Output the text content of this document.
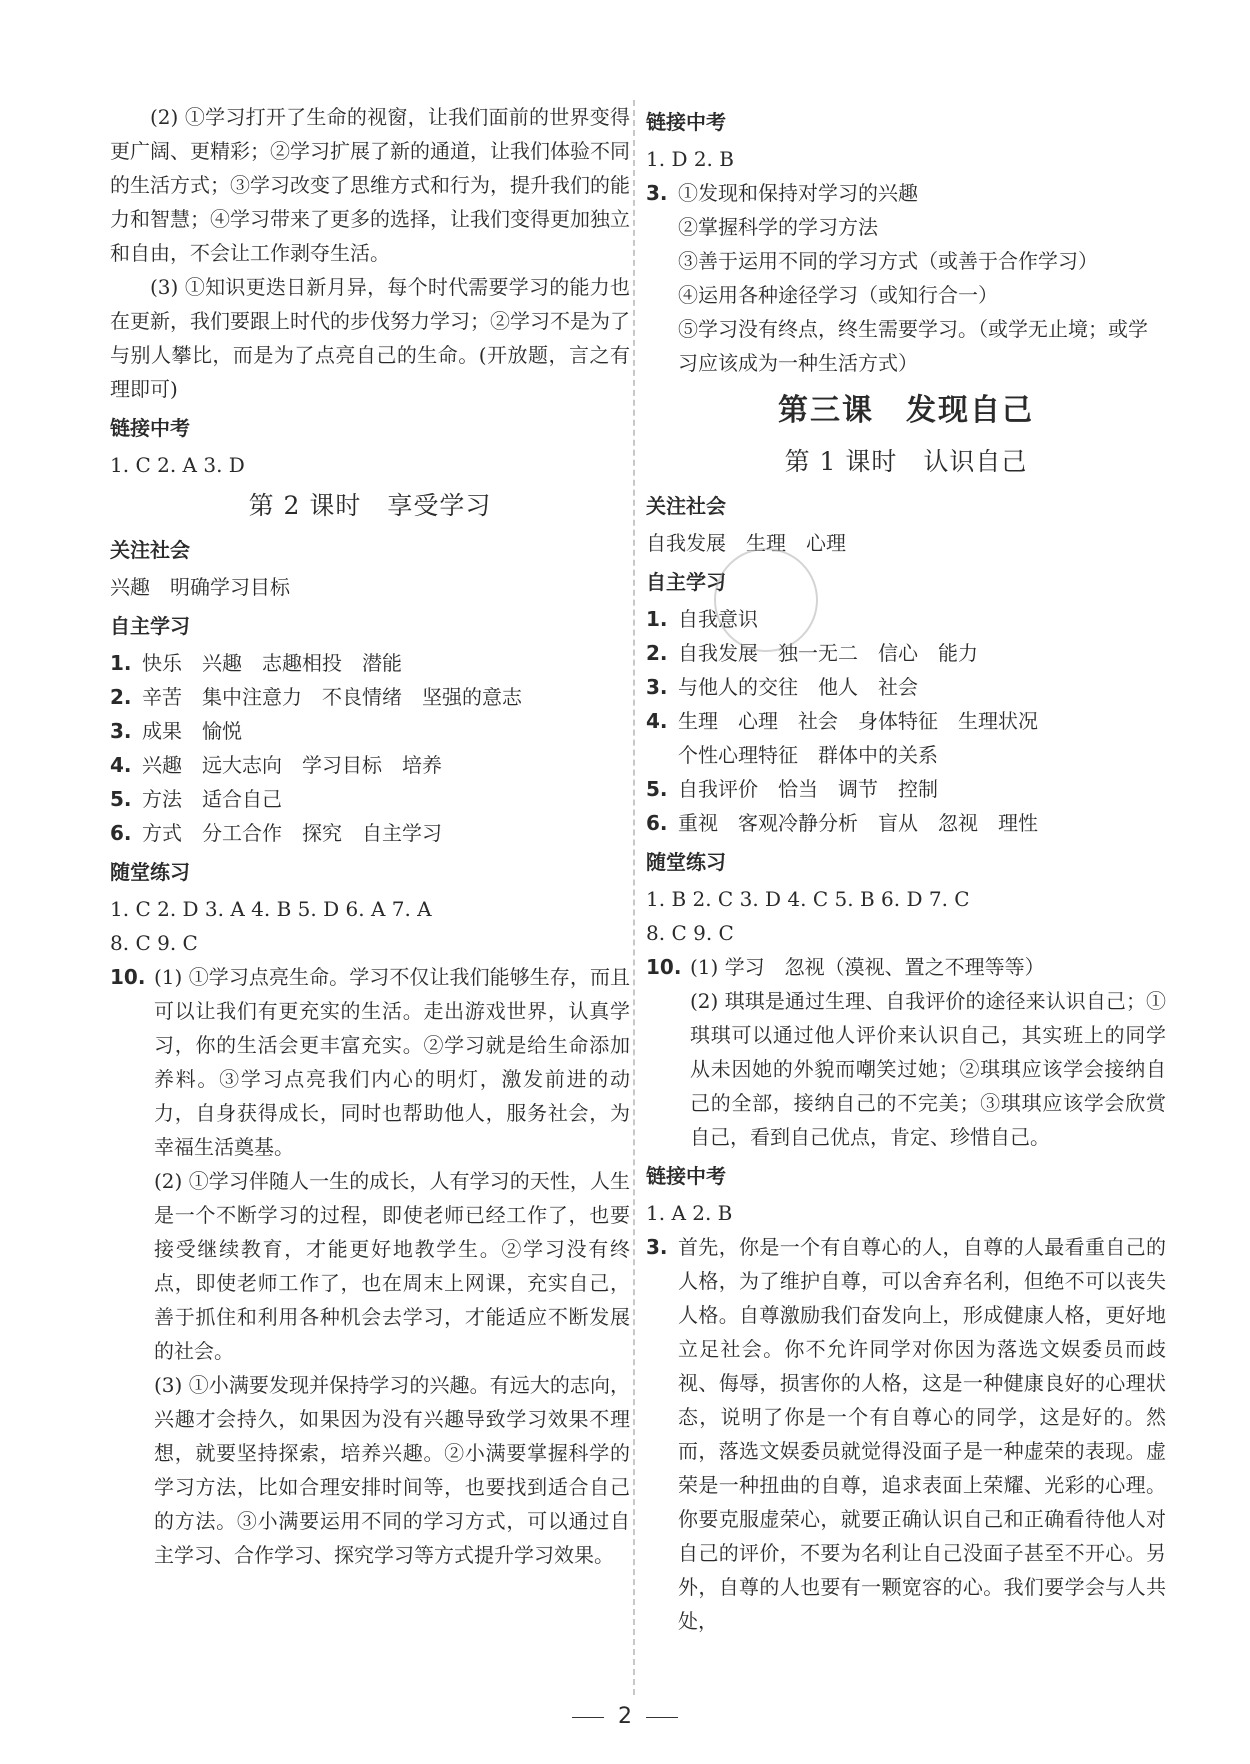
(2) ①学习打开了生命的视窗，让我们面前的世界变得更广阔、更精彩；②学习扩展了新的通道，让我们体验不同的生活方式；③学习改变了思维方式和行为，提升我们的能力和智慧；④学习带来了更多的选择，让我们变得更加独立和自由，不会让工作剥夺生活。

(3) ①知识更迭日新月异，每个时代需要学习的能力也在更新，我们要跟上时代的步伐努力学习；②学习不是为了与别人攀比，而是为了点亮自己的生命。(开放题，言之有理即可)

链接中考
1. C 2. A 3. D
第 2 课时　享受学习
关注社会
兴趣　明确学习目标
自主学习
1. 快乐　兴趣　志趣相投　潜能
2. 辛苦　集中注意力　不良情绪　坚强的意志
3. 成果　愉悦
4. 兴趣　远大志向　学习目标　培养
5. 方法　适合自己
6. 方式　分工合作　探究　自主学习
随堂练习
1. C 2. D 3. A 4. B 5. D 6. A 7. A
8. C 9. C
10. (1) ①学习点亮生命。学习不仅让我们能够生存，而且可以让我们有更充实的生活。走出游戏世界，认真学习，你的生活会更丰富充实。②学习就是给生命添加养料。③学习点亮我们内心的明灯，激发前进的动力，自身获得成长，同时也帮助他人，服务社会，为幸福生活奠基。

(2) ①学习伴随人一生的成长，人有学习的天性，人生是一个不断学习的过程，即使老师已经工作了，也要接受继续教育，才能更好地教学生。②学习没有终点，即使老师工作了，也在周末上网课，充实自己，善于抓住和利用各种机会去学习，才能适应不断发展的社会。

(3) ①小满要发现并保持学习的兴趣。有远大的志向，兴趣才会持久，如果因为没有兴趣导致学习效果不理想，就要坚持探索，培养兴趣。②小满要掌握科学的学习方法，比如合理安排时间等，也要找到适合自己的方法。③小满要运用不同的学习方式，可以通过自主学习、合作学习、探究学习等方式提升学习效果。

链接中考
1. D 2. B
3. ①发现和保持对学习的兴趣
②掌握科学的学习方法
③善于运用不同的学习方式（或善于合作学习）
④运用各种途径学习（或知行合一）
⑤学习没有终点，终生需要学习。（或学无止境；或学习应该成为一种生活方式）
第三课　发现自己
第 1 课时　认识自己
关注社会
自我发展　生理　心理
自主学习
1. 自我意识
2. 自我发展　独一无二　信心　能力
3. 与他人的交往　他人　社会
4. 生理　心理　社会　身体特征　生理状况
个性心理特征　群体中的关系
5. 自我评价　恰当　调节　控制
6. 重视　客观冷静分析　盲从　忽视　理性
随堂练习
1. B 2. C 3. D 4. C 5. B 6. D 7. C
8. C 9. C
10. (1) 学习　忽视（漠视、置之不理等等）

(2) 琪琪是通过生理、自我评价的途径来认识自己；①琪琪可以通过他人评价来认识自己，其实班上的同学从未因她的外貌而嘲笑过她；②琪琪应该学会接纳自己的全部，接纳自己的不完美；③琪琪应该学会欣赏自己，看到自己优点，肯定、珍惜自己。

链接中考
1. A 2. B
3. 首先，你是一个有自尊心的人，自尊的人最看重自己的人格，为了维护自尊，可以舍弃名利，但绝不可以丧失人格。自尊激励我们奋发向上，形成健康人格，更好地立足社会。你不允许同学对你因为落选文娱委员而歧视、侮辱，损害你的人格，这是一种健康良好的心理状态，说明了你是一个有自尊心的同学，这是好的。然而，落选文娱委员就觉得没面子是一种虚荣的表现。虚荣是一种扭曲的自尊，追求表面上荣耀、光彩的心理。你要克服虚荣心，就要正确认识自己和正确看待他人对自己的评价，不要为名利让自己没面子甚至不开心。另外，自尊的人也要有一颗宽容的心。我们要学会与人共处，

2
